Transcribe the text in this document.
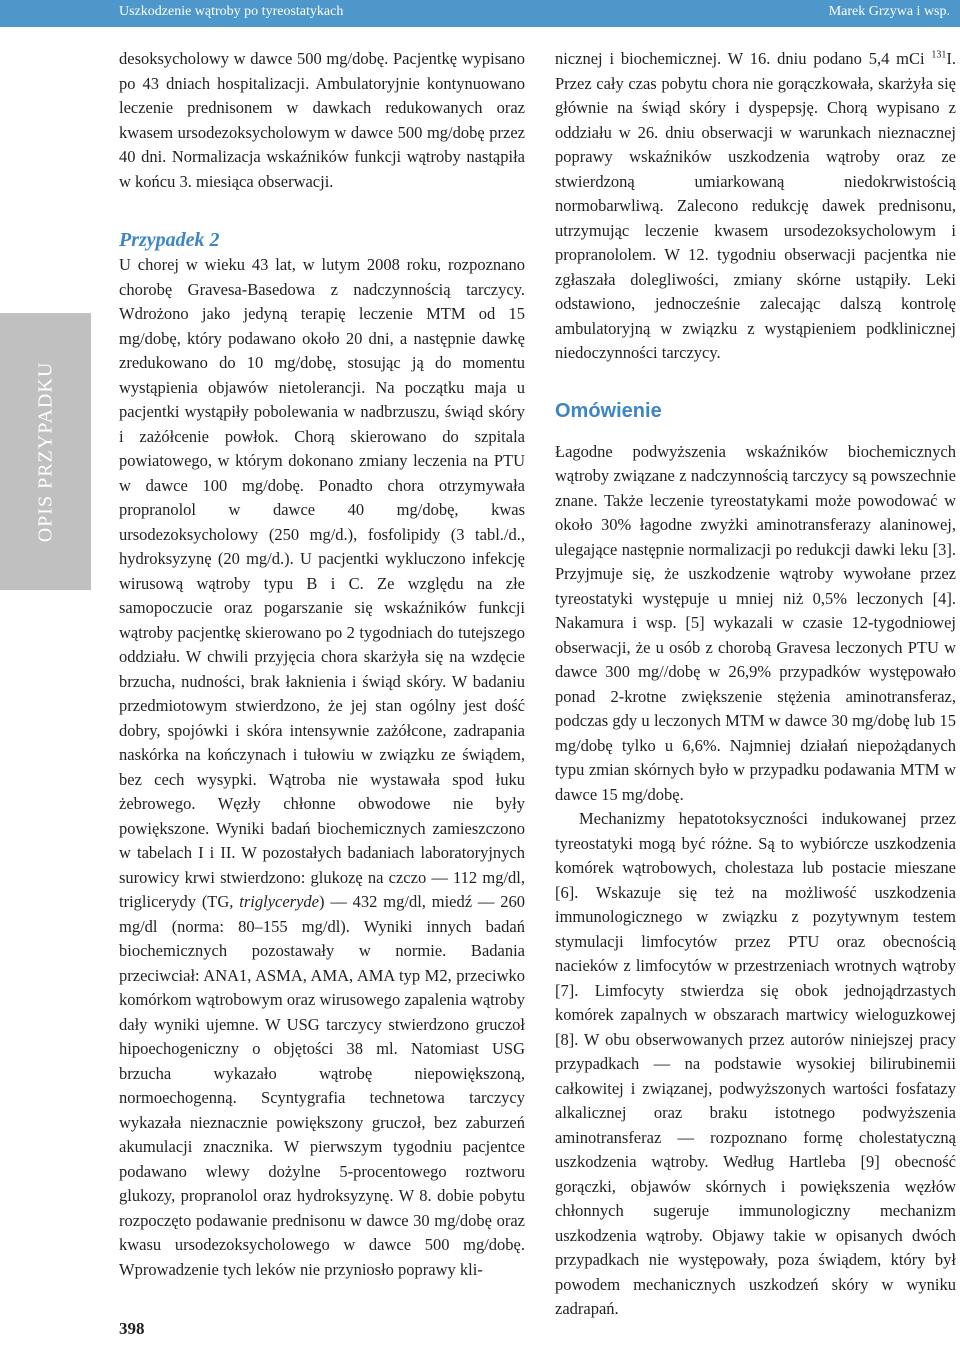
Uszkodzenie wątroby po tyreostatykach	Marek Grzywa i wsp.
OPIS PRZYPADKU

desoksycholowy w dawce 500 mg/dobę. Pacjentkę wypisano po 43 dniach hospitalizacji. Ambulatoryjnie kontynuowano leczenie prednisonem w dawkach redukowanych oraz kwasem ursodezoksycholowym w dawce 500 mg/dobę przez 40 dni. Normalizacja wskaźników funkcji wątroby nastąpiła w końcu 3. miesiąca obserwacji.

Przypadek 2

U chorej w wieku 43 lat, w lutym 2008 roku, rozpoznano chorobę Gravesa-Basedowa z nadczynnością tarczycy. Wdrożono jako jedyną terapię leczenie MTM od 15 mg/dobę, który podawano około 20 dni, a następnie dawkę zredukowano do 10 mg/dobę, stosując ją do momentu wystąpienia objawów nietolerancji. Na początku maja u pacjentki wystąpiły pobolewania w nadbrzuszu, świąd skóry i zażółcenie powłok. Chorą skierowano do szpitala powiatowego, w którym dokonano zmiany leczenia na PTU w dawce 100 mg/dobę. Ponadto chora otrzymywała propranolol w dawce 40 mg/dobę, kwas ursodezoksycholowy (250 mg/d.), fosfolipidy (3 tabl./d., hydroksyzynę (20 mg/d.). U pacjentki wykluczono infekcję wirusową wątroby typu B i C. Ze względu na złe samopoczucie oraz pogarszanie się wskaźników funkcji wątroby pacjentkę skierowano po 2 tygodniach do tutejszego oddziału. W chwili przyjęcia chora skarżyła się na wzdęcie brzucha, nudności, brak łaknienia i świąd skóry. W badaniu przedmiotowym stwierdzono, że jej stan ogólny jest dość dobry, spojówki i skóra intensywnie zażółcone, zadrapania naskórka na kończynach i tułowiu w związku ze świądem, bez cech wysypki. Wątroba nie wystawała spod łuku żebrowego. Węzły chłonne obwodowe nie były powiększone. Wyniki badań biochemicznych zamieszczono w tabelach I i II. W pozostałych badaniach laboratoryjnych surowicy krwi stwierdzono: glukozę na czczo — 112 mg/dl, triglicerydy (TG, triglyceryde) — 432 mg/dl, miedź — 260 mg/dl (norma: 80–155 mg/dl). Wyniki innych badań biochemicznych pozostawały w normie. Badania przeciwciał: ANA1, ASMA, AMA, AMA typ M2, przeciwko komórkom wątrobowym oraz wirusowego zapalenia wątroby dały wyniki ujemne. W USG tarczycy stwierdzono gruczoł hipoechogeniczny o objętości 38 ml. Natomiast USG brzucha wykazało wątrobę niepowiększoną, normoechogenną. Scyntygrafia technetowa tarczycy wykazała nieznacznie powiększony gruczoł, bez zaburzeń akumulacji znacznika. W pierwszym tygodniu pacjentce podawano wlewy dożylne 5-procentowego roztworu glukozy, propranolol oraz hydroksyzynę. W 8. dobie pobytu rozpoczęto podawanie prednisonu w dawce 30 mg/dobę oraz kwasu ursodezoksycholowego w dawce 500 mg/dobę. Wprowadzenie tych leków nie przyniosło poprawy kli-

nicznej i biochemicznej. W 16. dniu podano 5,4 mCi $^{131}$I. Przez cały czas pobytu chora nie gorączkowała, skarżyła się głównie na świąd skóry i dyspepsję. Chorą wypisano z oddziału w 26. dniu obserwacji w warunkach nieznacznej poprawy wskaźników uszkodzenia wątroby oraz ze stwierdzoną umiarkowaną niedokrwistością normobarwliwą. Zalecono redukcję dawek prednisonu, utrzymując leczenie kwasem ursodezoksycholowym i propranololem. W 12. tygodniu obserwacji pacjentka nie zgłaszała dolegliwości, zmiany skórne ustąpiły. Leki odstawiono, jednocześnie zalecając dalszą kontrolę ambulatoryjną w związku z wystąpieniem podklinicznej niedoczynności tarczycy.

Omówienie

Łagodne podwyższenia wskaźników biochemicznych wątroby związane z nadczynnością tarczycy są powszechnie znane. Także leczenie tyreostatykami może powodować w około 30% łagodne zwyżki aminotransferazy alaninowej, ulegające następnie normalizacji po redukcji dawki leku [3]. Przyjmuje się, że uszkodzenie wątroby wywołane przez tyreostatyki występuje u mniej niż 0,5% leczonych [4]. Nakamura i wsp. [5] wykazali w czasie 12-tygodniowej obserwacji, że u osób z chorobą Gravesa leczonych PTU w dawce 300 mg//dobę w 26,9% przypadków występowało ponad 2-krotne zwiększenie stężenia aminotransferaz, podczas gdy u leczonych MTM w dawce 30 mg/dobę lub 15 mg/dobę tylko u 6,6%. Najmniej działań niepożądanych typu zmian skórnych było w przypadku podawania MTM w dawce 15 mg/dobę.

Mechanizmy hepatotoksyczności indukowanej przez tyreostatyki mogą być różne. Są to wybiórcze uszkodzenia komórek wątrobowych, cholestaza lub postacie mieszane [6]. Wskazuje się też na możliwość uszkodzenia immunologicznego w związku z pozytywnym testem stymulacji limfocytów przez PTU oraz obecnością nacieków z limfocytów w przestrzeniach wrotnych wątroby [7]. Limfocyty stwierdza się obok jednojądrzastych komórek zapalnych w obszarach martwicy wieloguzkowej [8]. W obu obserwowanych przez autorów niniejszej pracy przypadkach — na podstawie wysokiej bilirubinemii całkowitej i związanej, podwyższonych wartości fosfatazy alkalicznej oraz braku istotnego podwyższenia aminotransferaz — rozpoznano formę cholestatyczną uszkodzenia wątroby. Według Hartleba [9] obecność gorączki, objawów skórnych i powiększenia węzłów chłonnych sugeruje immunologiczny mechanizm uszkodzenia wątroby. Objawy takie w opisanych dwóch przypadkach nie występowały, poza świądem, który był powodem mechanicznych uszkodzeń skóry w wyniku zadrapań.

398
